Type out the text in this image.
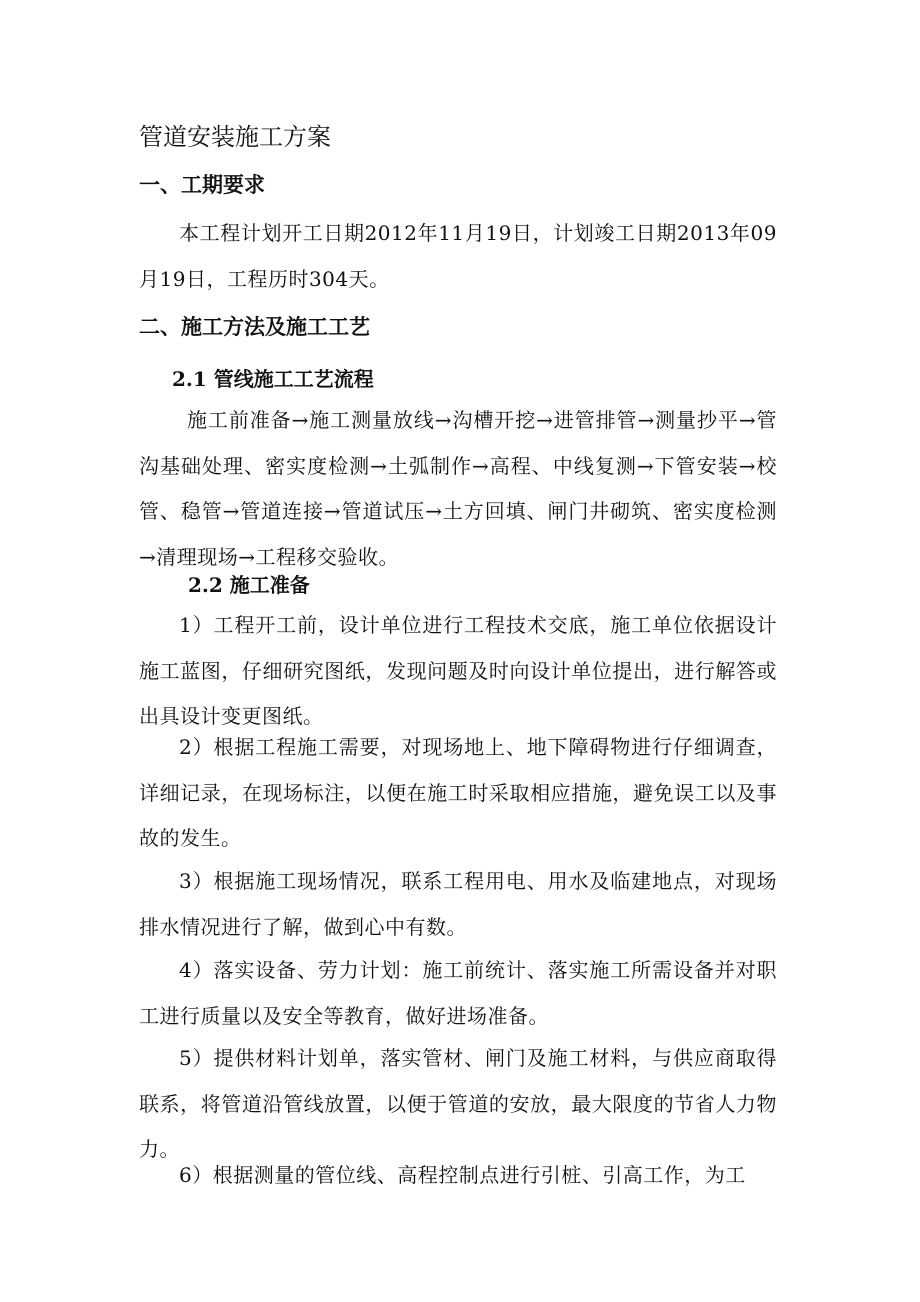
管道安装施工方案
一、工期要求

本工程计划开工日期2012年11月19日，计划竣工日期2013年09月19日，工程历时304天。

二、施工方法及施工工艺
2.1 管线施工工艺流程

施工前准备→施工测量放线→沟槽开挖→进管排管→测量抄平→管沟基础处理、密实度检测→土弧制作→高程、中线复测→下管安装→校管、稳管→管道连接→管道试压→土方回填、闸门井砌筑、密实度检测→清理现场→工程移交验收。

2.2 施工准备

1）工程开工前，设计单位进行工程技术交底，施工单位依据设计施工蓝图，仔细研究图纸，发现问题及时向设计单位提出，进行解答或出具设计变更图纸。

2）根据工程施工需要，对现场地上、地下障碍物进行仔细调查，详细记录，在现场标注，以便在施工时采取相应措施，避免误工以及事故的发生。

3）根据施工现场情况，联系工程用电、用水及临建地点，对现场排水情况进行了解，做到心中有数。

4）落实设备、劳力计划：施工前统计、落实施工所需设备并对职工进行质量以及安全等教育，做好进场准备。

5）提供材料计划单，落实管材、闸门及施工材料，与供应商取得联系，将管道沿管线放置，以便于管道的安放，最大限度的节省人力物力。

6）根据测量的管位线、高程控制点进行引桩、引高工作，为工
